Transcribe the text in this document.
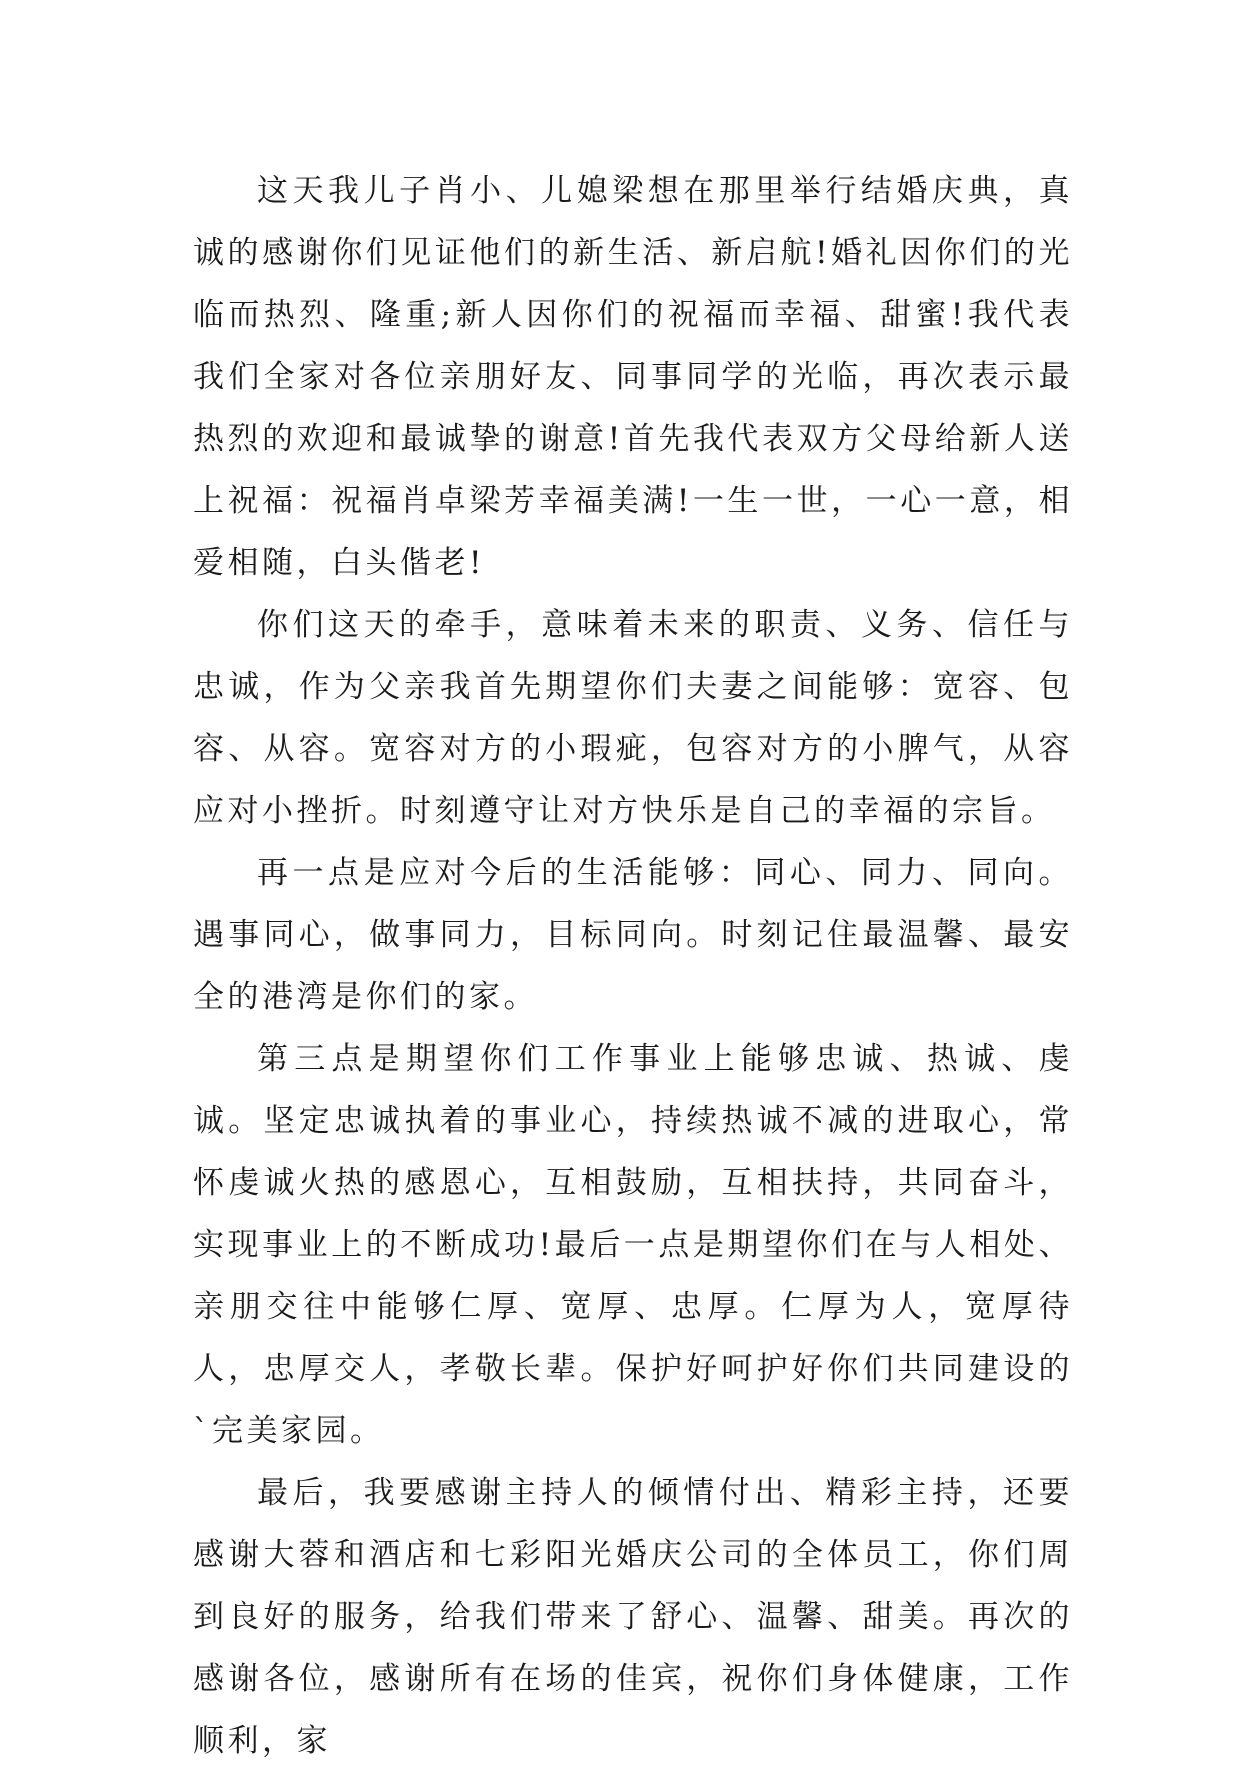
这天我儿子肖小、儿媳梁想在那里举行结婚庆典，真诚的感谢你们见证他们的新生活、新启航!婚礼因你们的光临而热烈、隆重;新人因你们的祝福而幸福、甜蜜!我代表我们全家对各位亲朋好友、同事同学的光临，再次表示最热烈的欢迎和最诚挚的谢意!首先我代表双方父母给新人送上祝福：祝福肖卓梁芳幸福美满!一生一世，一心一意，相爱相随，白头偕老!

你们这天的牵手，意味着未来的职责、义务、信任与忠诚，作为父亲我首先期望你们夫妻之间能够：宽容、包容、从容。宽容对方的小瑕疵，包容对方的小脾气，从容应对小挫折。时刻遵守让对方快乐是自己的幸福的宗旨。

再一点是应对今后的生活能够：同心、同力、同向。遇事同心，做事同力，目标同向。时刻记住最温馨、最安全的港湾是你们的家。

第三点是期望你们工作事业上能够忠诚、热诚、虔诚。坚定忠诚执着的事业心，持续热诚不减的进取心，常怀虔诚火热的感恩心，互相鼓励，互相扶持，共同奋斗，实现事业上的不断成功!最后一点是期望你们在与人相处、亲朋交往中能够仁厚、宽厚、忠厚。仁厚为人，宽厚待人，忠厚交人，孝敬长辈。保护好呵护好你们共同建设的`完美家园。

最后，我要感谢主持人的倾情付出、精彩主持，还要感谢大蓉和酒店和七彩阳光婚庆公司的全体员工，你们周到良好的服务，给我们带来了舒心、温馨、甜美。再次的感谢各位，感谢所有在场的佳宾，祝你们身体健康，工作顺利，家
